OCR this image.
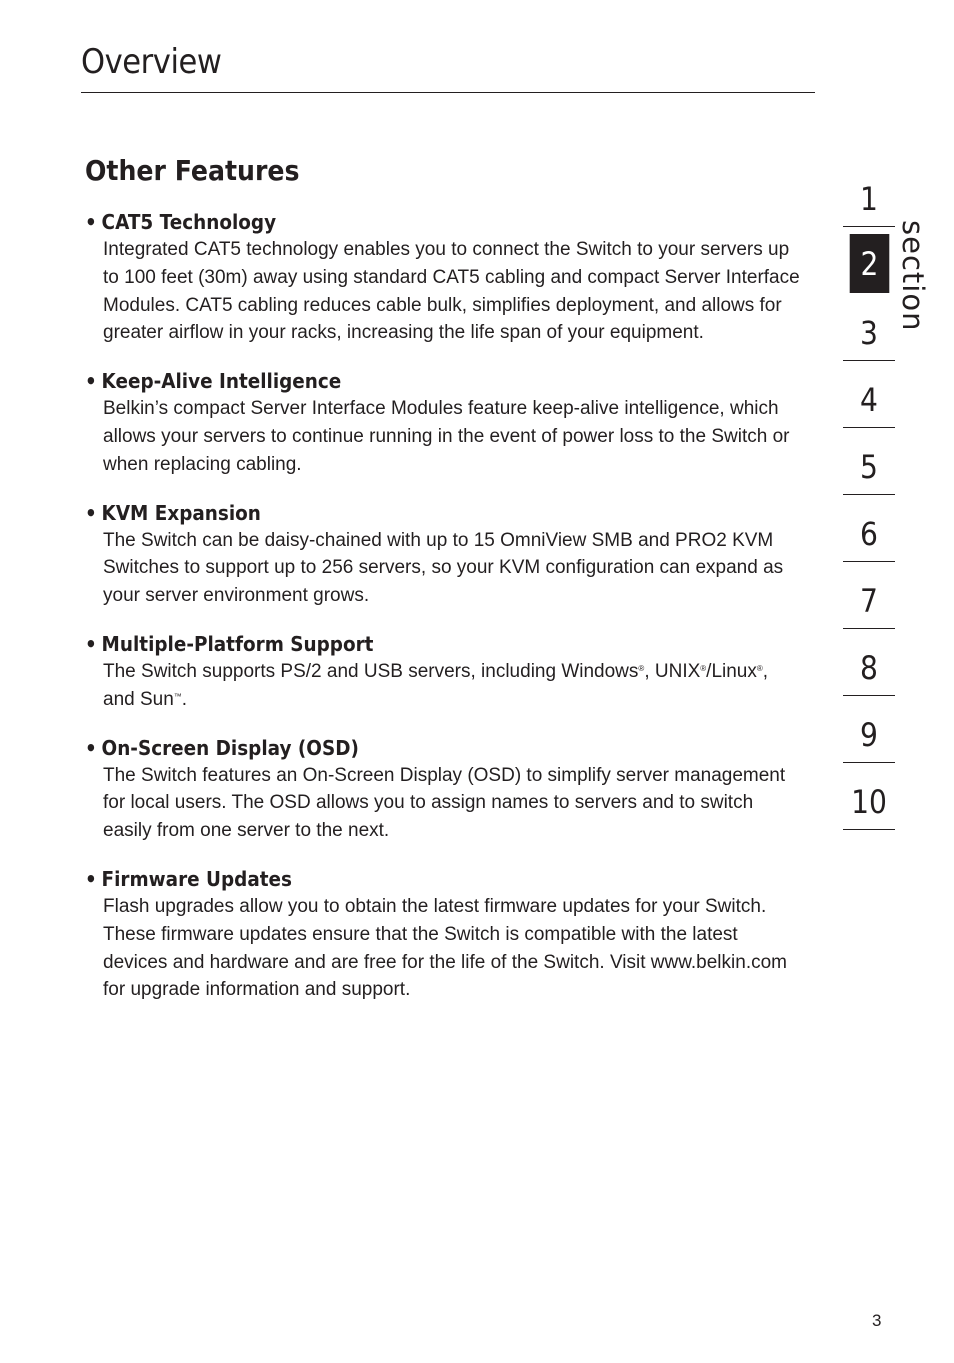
Overview
Other Features
• CAT5 Technology

Integrated CAT5 technology enables you to connect the Switch to your servers up to 100 feet (30m) away using standard CAT5 cabling and compact Server Interface Modules. CAT5 cabling reduces cable bulk, simplifies deployment, and allows for greater airflow in your racks, increasing the life span of your equipment.

• Keep-Alive Intelligence

Belkin’s compact Server Interface Modules feature keep-alive intelligence, which allows your servers to continue running in the event of power loss to the Switch or when replacing cabling.

• KVM Expansion

The Switch can be daisy-chained with up to 15 OmniView SMB and PRO2 KVM Switches to support up to 256 servers, so your KVM configuration can expand as your server environment grows.

• Multiple-Platform Support

The Switch supports PS/2 and USB servers, including Windows®, UNIX®/Linux®, and Sun™.

• On-Screen Display (OSD)

The Switch features an On-Screen Display (OSD) to simplify server management for local users. The OSD allows you to assign names to servers and to switch easily from one server to the next.

• Firmware Updates

Flash upgrades allow you to obtain the latest firmware updates for your Switch. These firmware updates ensure that the Switch is compatible with the latest devices and hardware and are free for the life of the Switch. Visit www.belkin.com for upgrade information and support.

1
2
3
4
5
6
7
8
9
10
section
3
